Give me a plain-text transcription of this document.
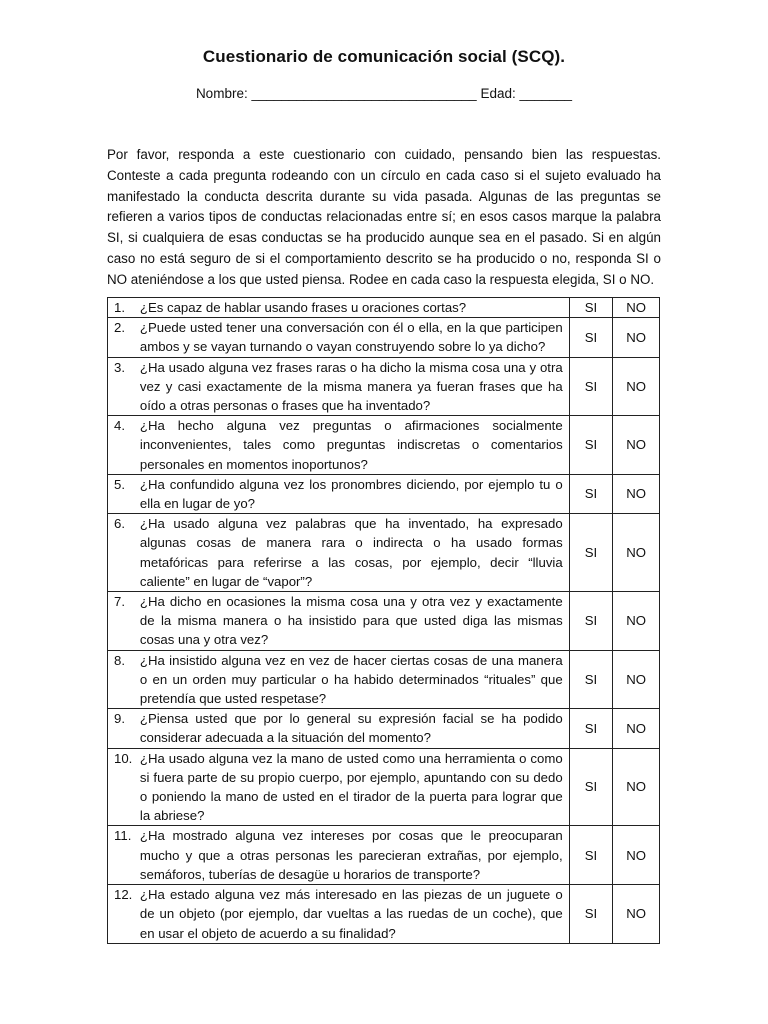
Cuestionario de comunicación social (SCQ).
Nombre: ______________________________ Edad: _______
Por favor, responda a este cuestionario con cuidado, pensando bien las respuestas. Conteste a cada pregunta rodeando con un círculo en cada caso si el sujeto evaluado ha manifestado la conducta descrita durante su vida pasada. Algunas de las preguntas se refieren a varios tipos de conductas relacionadas entre sí; en esos casos marque la palabra SI, si cualquiera de esas conductas se ha producido aunque sea en el pasado. Si en algún caso no está seguro de si el comportamiento descrito se ha producido o no, responda SI o NO ateniéndose a los que usted piensa. Rodee en cada caso la respuesta elegida, SI o NO.
1.	¿Es capaz de hablar usando frases u oraciones cortas?	SI	NO
2.	¿Puede usted tener una conversación con él o ella, en la que participen ambos y se vayan turnando o vayan construyendo sobre lo ya dicho?	SI	NO
3.	¿Ha usado alguna vez frases raras o ha dicho la misma cosa una y otra vez y casi exactamente de la misma manera ya fueran frases que ha oído a otras personas o frases que ha inventado?	SI	NO
4.	¿Ha hecho alguna vez preguntas o afirmaciones socialmente inconvenientes, tales como preguntas indiscretas o comentarios personales en momentos inoportunos?	SI	NO
5.	¿Ha confundido alguna vez los pronombres diciendo, por ejemplo tu o ella en lugar de yo?	SI	NO
6.	¿Ha usado alguna vez palabras que ha inventado, ha expresado algunas cosas de manera rara o indirecta o ha usado formas metafóricas para referirse a las cosas, por ejemplo, decir “lluvia caliente” en lugar de “vapor”?	SI	NO
7.	¿Ha dicho en ocasiones la misma cosa una y otra vez y exactamente de la misma manera o ha insistido para que usted diga las mismas cosas una y otra vez?	SI	NO
8.	¿Ha insistido alguna vez en vez de hacer ciertas cosas de una manera o en un orden muy particular o ha habido determinados “rituales” que pretendía que usted respetase?	SI	NO
9.	¿Piensa usted que por lo general su expresión facial se ha podido considerar adecuada a la situación del momento?	SI	NO
10.	¿Ha usado alguna vez la mano de usted como una herramienta o como si fuera parte de su propio cuerpo, por ejemplo, apuntando con su dedo o poniendo la mano de usted en el tirador de la puerta para lograr que la abriese?	SI	NO
11.	¿Ha mostrado alguna vez intereses por cosas que le preocuparan mucho y que a otras personas les parecieran extrañas, por ejemplo, semáforos, tuberías de desagüe u horarios de transporte?	SI	NO
12.	¿Ha estado alguna vez más interesado en las piezas de un juguete o de un objeto (por ejemplo, dar vueltas a las ruedas de un coche), que en usar el objeto de acuerdo a su finalidad?	SI	NO
